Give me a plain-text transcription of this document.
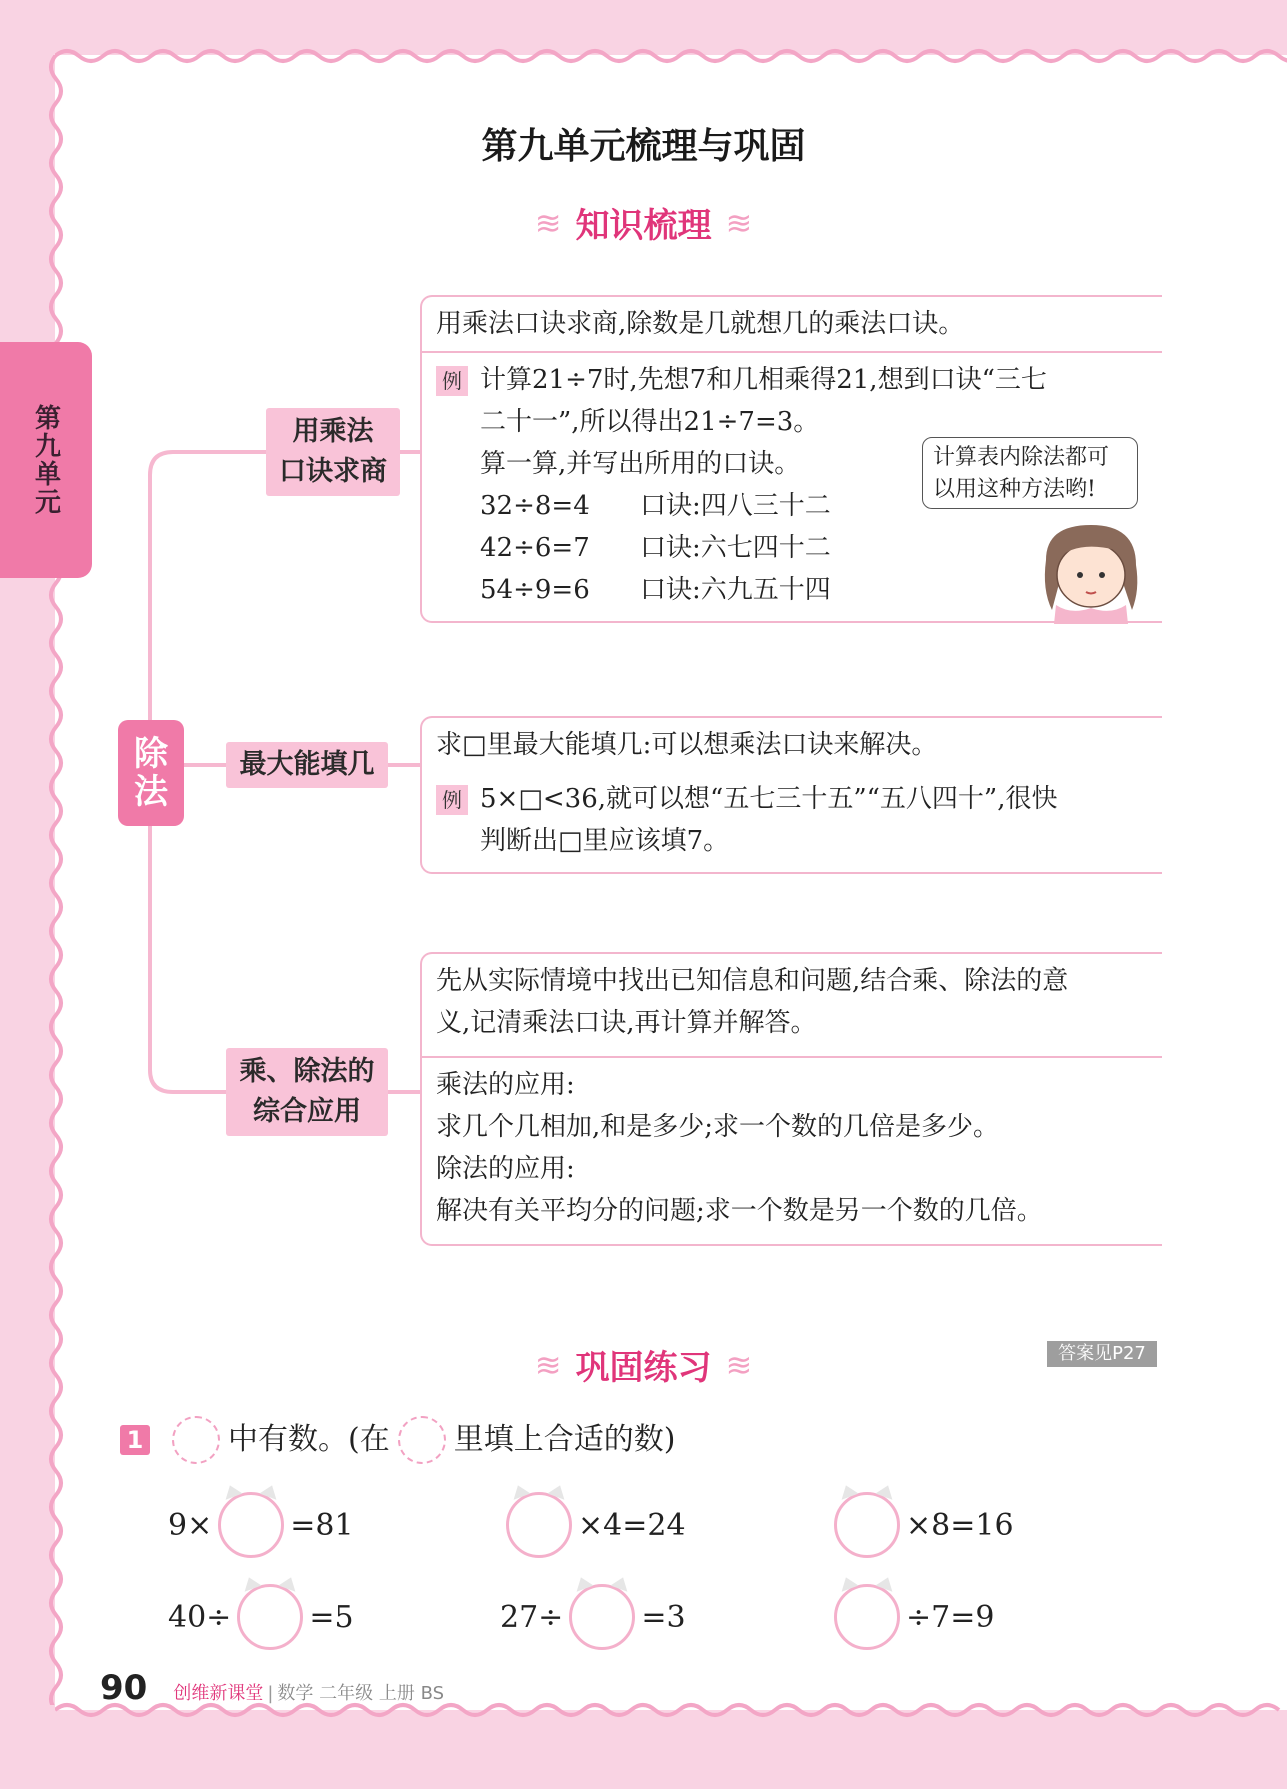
第九单元
第九单元梳理与巩固
≋ 知识梳理 ≋
除
法
用乘法
口诀求商
最大能填几
乘、除法的
综合应用
用乘法口诀求商,除数是几就想几的乘法口诀。
例 计算21÷7时,先想7和几相乘得21,想到口诀“三七
二十一”,所以得出21÷7=3。
算一算,并写出所用的口诀。
32÷8=4	口诀:四八三十二
42÷6=7	口诀:六七四十二
54÷9=6	口诀:六九五十四
计算表内除法都可
以用这种方法哟!
求□里最大能填几:可以想乘法口诀来解决。
例 5×□<36,就可以想“五七三十五”“五八四十”,很快
判断出□里应该填7。
先从实际情境中找出已知信息和问题,结合乘、除法的意
义,记清乘法口诀,再计算并解答。
乘法的应用:
求几个几相加,和是多少;求一个数的几倍是多少。
除法的应用:
解决有关平均分的问题;求一个数是另一个数的几倍。
≋ 巩固练习 ≋	答案见P27
1	中有数。(在 里填上合适的数)
9×	=81	×4=24	×8=16
40÷	=5	27÷	=3	÷7=9
90 创维新课堂 | 数学 二年级 上册 BS
